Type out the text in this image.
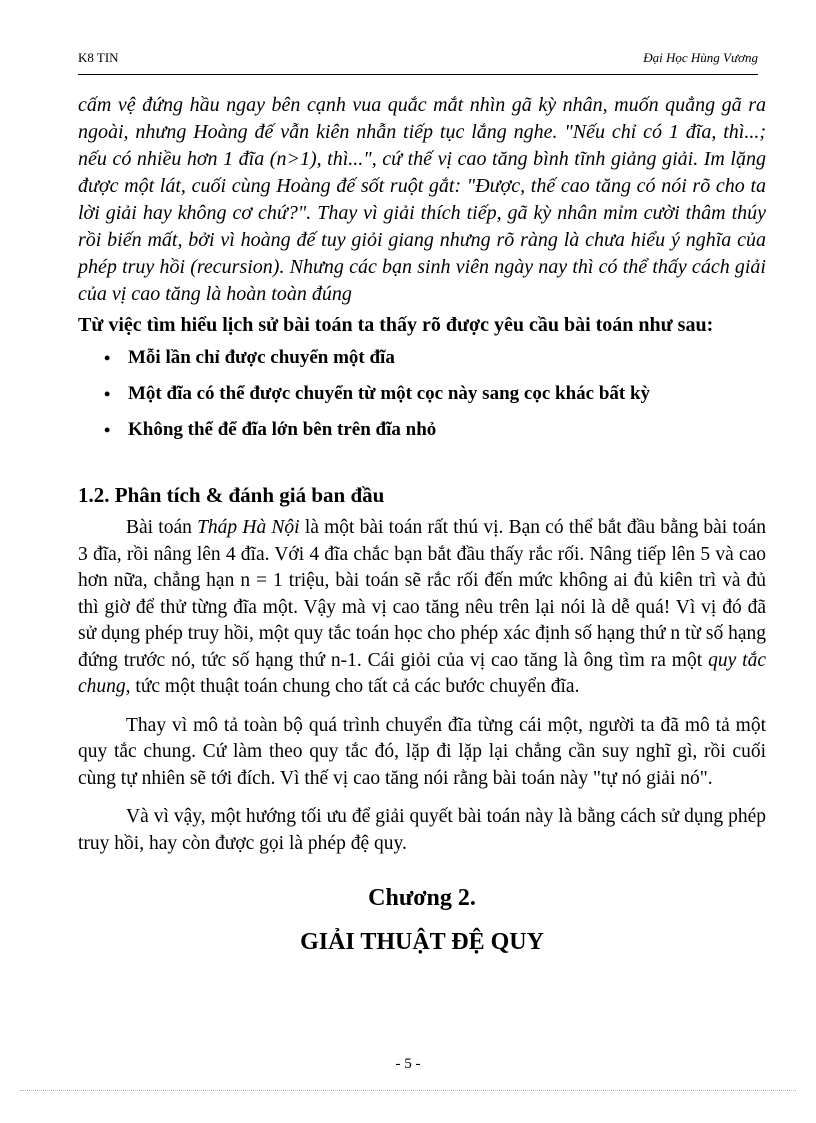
K8 TIN	Đại Học Hùng Vương

cấm vệ đứng hầu ngay bên cạnh vua quắc mắt nhìn gã kỳ nhân, muốn quẳng gã ra ngoài, nhưng Hoàng đế vẫn kiên nhẫn tiếp tục lắng nghe. "Nếu chỉ có 1 đĩa, thì...; nếu có nhiều hơn 1 đĩa (n>1), thì...", cứ thế vị cao tăng bình tĩnh giảng giải. Im lặng được một lát, cuối cùng Hoàng đế sốt ruột gắt: "Được, thế cao tăng có nói rõ cho ta lời giải hay không cơ chứ?". Thay vì giải thích tiếp, gã kỳ nhân mỉm cười thâm thúy rồi biến mất, bởi vì hoàng đế tuy giỏi giang nhưng rõ ràng là chưa hiểu ý nghĩa của phép truy hồi (recursion). Nhưng các bạn sinh viên ngày nay thì có thể thấy cách giải của vị cao tăng là hoàn toàn đúng

Từ việc tìm hiểu lịch sử bài toán ta thấy rõ được yêu cầu bài toán như sau:

• Mỗi lần chỉ được chuyển một đĩa
• Một đĩa có thể được chuyển từ một cọc này sang cọc khác bất kỳ
• Không thể để đĩa lớn bên trên đĩa nhỏ
1.2. Phân tích & đánh giá ban đầu

Bài toán Tháp Hà Nội là một bài toán rất thú vị. Bạn có thể bắt đầu bằng bài toán 3 đĩa, rồi nâng lên 4 đĩa. Với 4 đĩa chắc bạn bắt đầu thấy rắc rối. Nâng tiếp lên 5 và cao hơn nữa, chẳng hạn n = 1 triệu, bài toán sẽ rắc rối đến mức không ai đủ kiên trì và đủ thì giờ để thử từng đĩa một. Vậy mà vị cao tăng nêu trên lại nói là dễ quá! Vì vị đó đã sử dụng phép truy hồi, một quy tắc toán học cho phép xác định số hạng thứ n từ số hạng đứng trước nó, tức số hạng thứ n-1. Cái giỏi của vị cao tăng là ông tìm ra một quy tắc chung, tức một thuật toán chung cho tất cả các bước chuyển đĩa.

Thay vì mô tả toàn bộ quá trình chuyển đĩa từng cái một, người ta đã mô tả một quy tắc chung. Cứ làm theo quy tắc đó, lặp đi lặp lại chẳng cần suy nghĩ gì, rồi cuối cùng tự nhiên sẽ tới đích. Vì thế vị cao tăng nói rằng bài toán này "tự nó giải nó".

Và vì vậy, một hướng tối ưu để giải quyết bài toán này là bằng cách sử dụng phép truy hồi, hay còn được gọi là phép đệ quy.

Chương 2.
GIẢI THUẬT ĐỆ QUY
- 5 -
